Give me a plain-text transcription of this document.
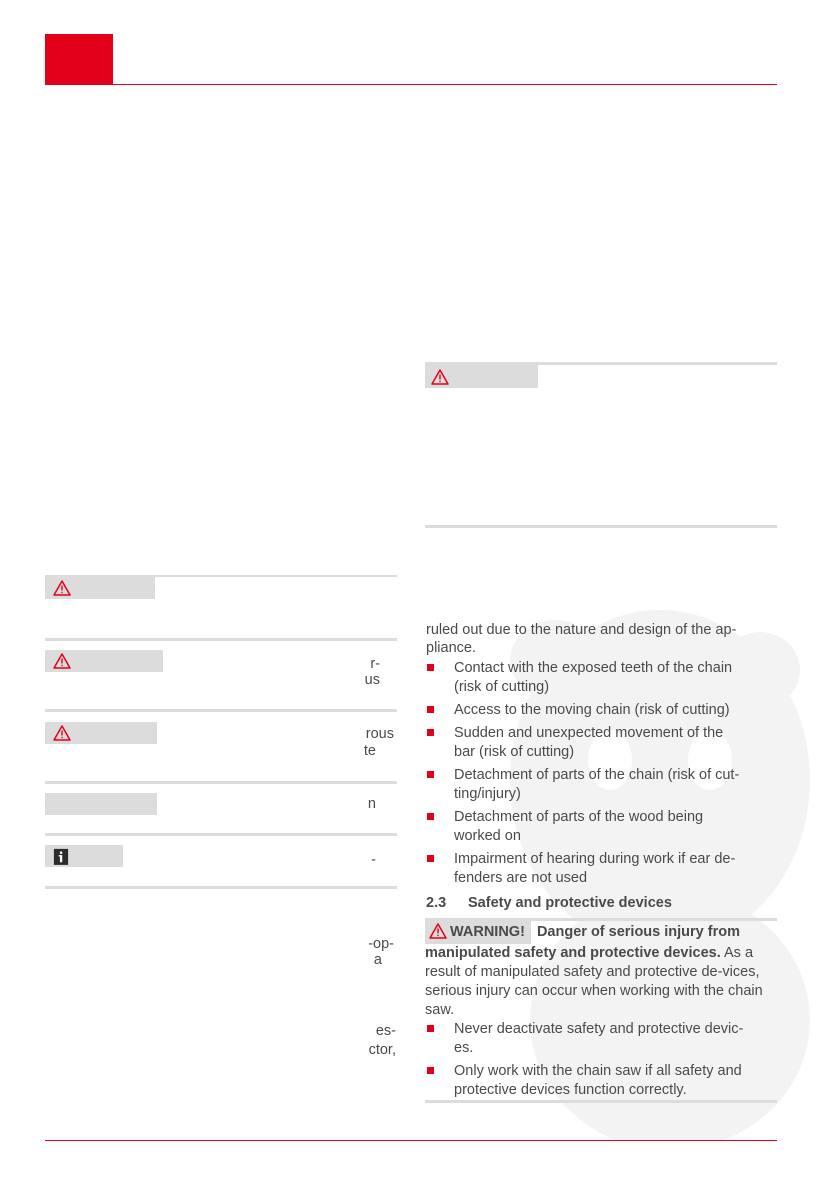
r-
us
rous
te
n
-
-op-
a
es-
ctor,
ruled out due to the nature and design of the ap-
pliance.
Contact with the exposed teeth of the chain
(risk of cutting)
Access to the moving chain (risk of cutting)
Sudden and unexpected movement of the
bar (risk of cutting)
Detachment of parts of the chain (risk of cut-
ting/injury)
Detachment of parts of the wood being
worked on
Impairment of hearing during work if ear de-
fenders are not used
2.3 Safety and protective devices
WARNING! Danger of serious injury from manipulated safety and protective devices. As a result of manipulated safety and protective de-vices, serious injury can occur when working with the chain saw.
Never deactivate safety and protective devic-
es.
Only work with the chain saw if all safety and
protective devices function correctly.
